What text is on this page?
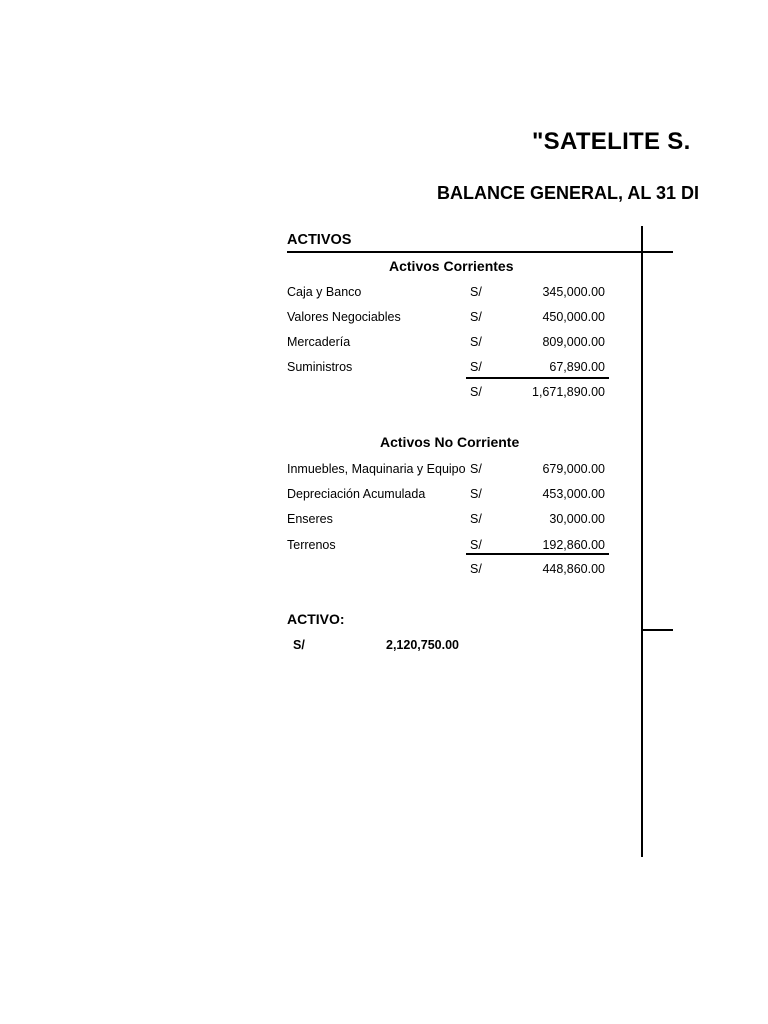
"SATELITE S.
BALANCE GENERAL, AL 31 DI
ACTIVOS
Activos Corrientes
Caja y Banco	S/	345,000.00
Valores Negociables	S/	450,000.00
Mercadería	S/	809,000.00
Suministros	S/	67,890.00
S/	1,671,890.00
Activos No Corriente
Inmuebles, Maquinaria y Equipo S/	679,000.00
Depreciación Acumulada	S/	453,000.00
Enseres	S/	30,000.00
Terrenos	S/	192,860.00
S/	448,860.00
ACTIVO:
S/	2,120,750.00
